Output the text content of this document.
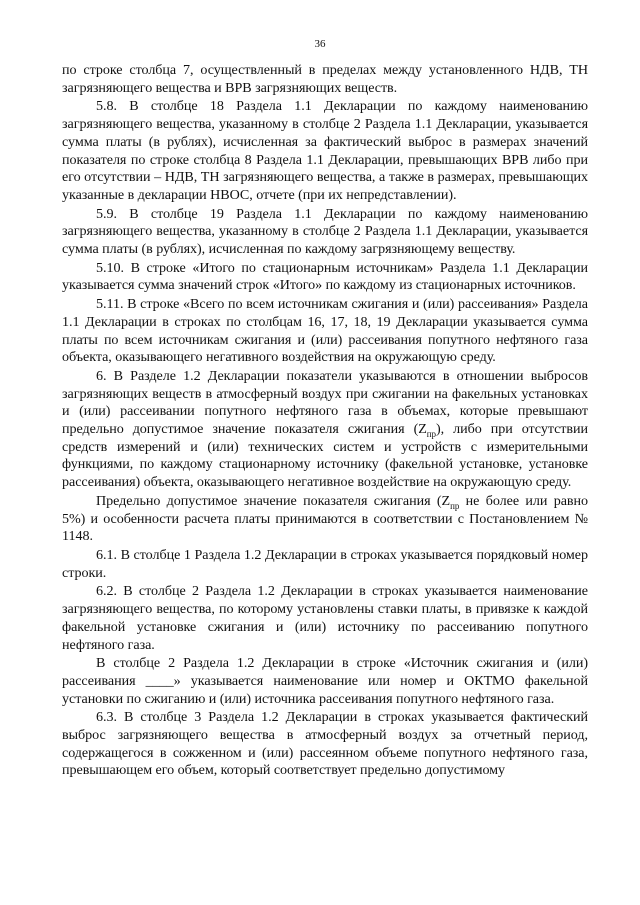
36

по строке столбца 7, осуществленный в пределах между установленного НДВ, ТН загрязняющего вещества и ВРВ загрязняющих веществ.

5.8. В столбце 18 Раздела 1.1 Декларации по каждому наименованию загрязняющего вещества, указанному в столбце 2 Раздела 1.1 Декларации, указывается сумма платы (в рублях), исчисленная за фактический выброс в размерах значений показателя по строке столбца 8 Раздела 1.1 Декларации, превышающих ВРВ либо при его отсутствии – НДВ, ТН загрязняющего вещества, а также в размерах, превышающих указанные в декларации НВОС, отчете (при их непредставлении).

5.9. В столбце 19 Раздела 1.1 Декларации по каждому наименованию загрязняющего вещества, указанному в столбце 2 Раздела 1.1 Декларации, указывается сумма платы (в рублях), исчисленная по каждому загрязняющему веществу.

5.10. В строке «Итого по стационарным источникам» Раздела 1.1 Декларации указывается сумма значений строк «Итого» по каждому из стационарных источников.

5.11. В строке «Всего по всем источникам сжигания и (или) рассеивания» Раздела 1.1 Декларации в строках по столбцам 16, 17, 18, 19 Декларации указывается сумма платы по всем источникам сжигания и (или) рассеивания попутного нефтяного газа объекта, оказывающего негативного воздействия на окружающую среду.

6. В Разделе 1.2 Декларации показатели указываются в отношении выбросов загрязняющих веществ в атмосферный воздух при сжигании на факельных установках и (или) рассеивании попутного нефтяного газа в объемах, которые превышают предельно допустимое значение показателя сжигания $(Z_{пр})$, либо при отсутствии средств измерений и (или) технических систем и устройств с измерительными функциями, по каждому стационарному источнику (факельной установке, установке рассеивания) объекта, оказывающего негативное воздействие на окружающую среду.

Предельно допустимое значение показателя сжигания ($Z_{пр}$ не более или равно 5%) и особенности расчета платы принимаются в соответствии с Постановлением № 1148.

6.1. В столбце 1 Раздела 1.2 Декларации в строках указывается порядковый номер строки.

6.2. В столбце 2 Раздела 1.2 Декларации в строках указывается наименование загрязняющего вещества, по которому установлены ставки платы, в привязке к каждой факельной установке сжигания и (или) источнику по рассеиванию попутного нефтяного газа.

В столбце 2 Раздела 1.2 Декларации в строке «Источник сжигания и (или) рассеивания ____» указывается наименование или номер и ОКТМО факельной установки по сжиганию и (или) источника рассеивания попутного нефтяного газа.

6.3. В столбце 3 Раздела 1.2 Декларации в строках указывается фактический выброс загрязняющего вещества в атмосферный воздух за отчетный период, содержащегося в сожженном и (или) рассеянном объеме попутного нефтяного газа, превышающем его объем, который соответствует предельно допустимому
